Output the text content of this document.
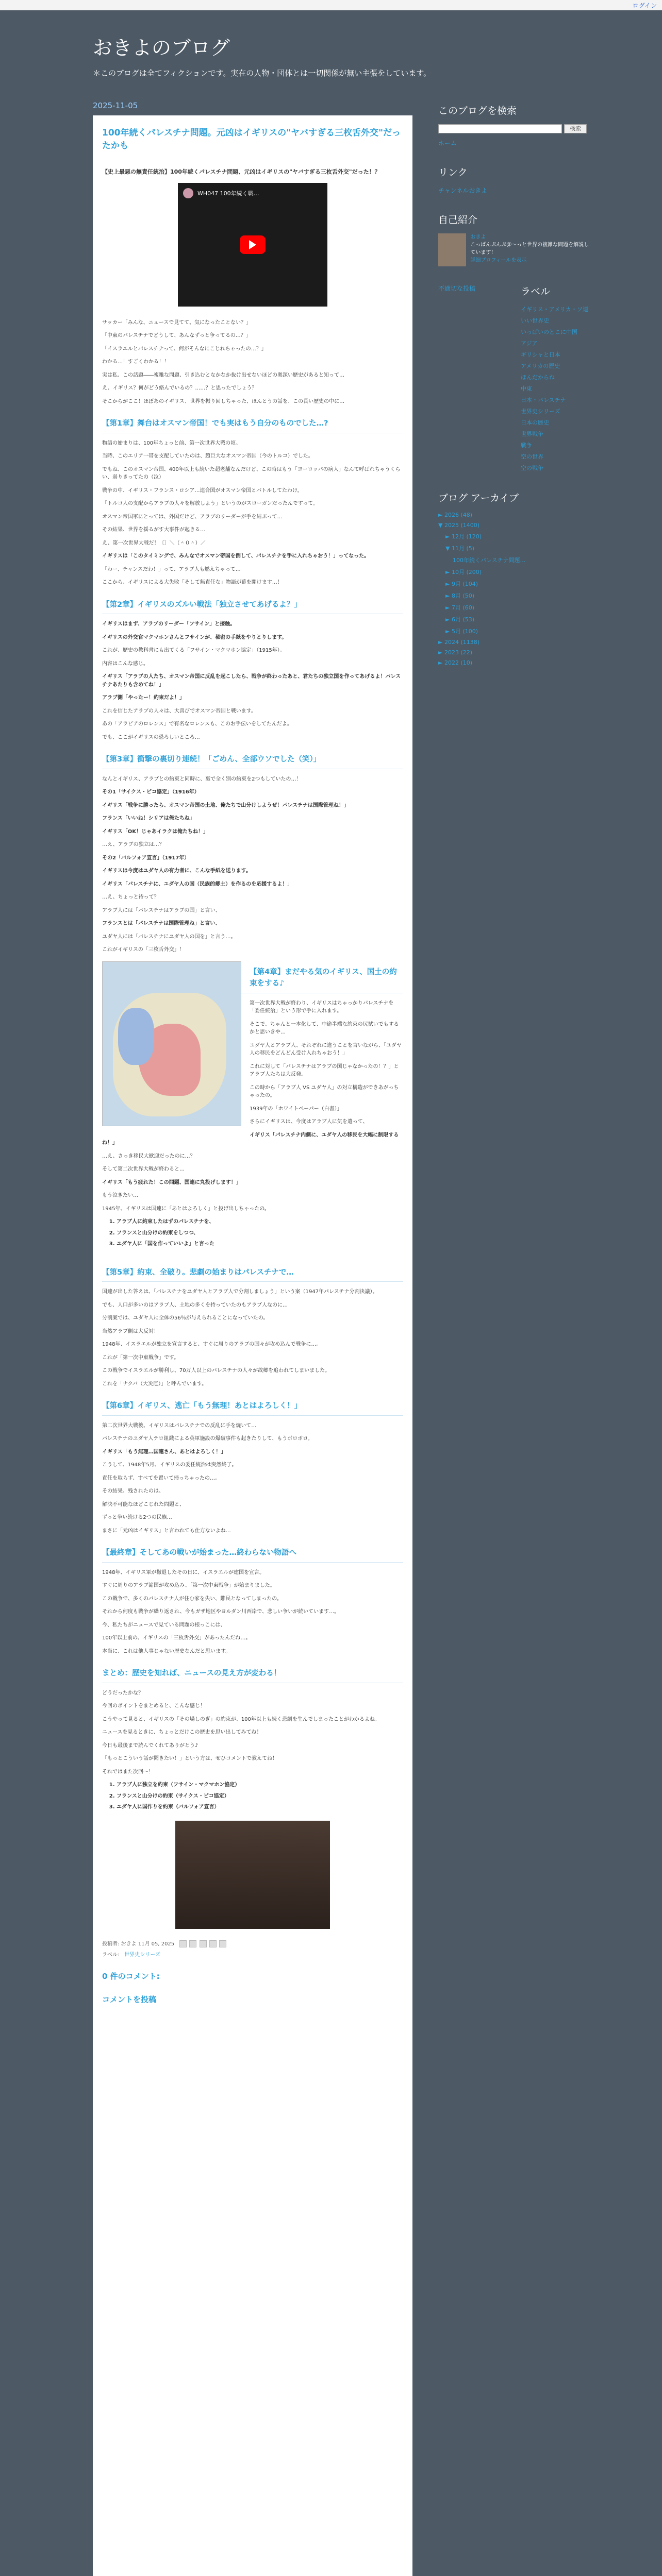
ログイン
おきよのブログ
＊このブログは全てフィクションです。実在の人物・団体とは一切関係が無い主張をしています。
2025-11-05
100年続くパレスチナ問題。元凶はイギリスの"ヤバすぎる三枚舌外交"だったかも
【史上最悪の無責任統治】100年続くパレスチナ問題、元凶はイギリスの"ヤバすぎる三枚舌外交"だった！？
WH047 100年続く戦…

サッカー「みんな、ニュースで見てて、気になったことない？」

「中東のパレスチナでどうして、あんなずっと争ってるの…？」

「イスラエルとパレスチナって、何がそんなにこじれちゃったの…？」

わかる…！すごくわかる！！

実は私、この話題――複雑な問題、引き込むとなかなか抜け出せないほどの奥深い歴史があると知って…

え、イギリス？何がどう絡んでいるの？……？と思ったでしょう？

そこからがここ！ほぼあのイギリス、世界を振り回しちゃった、ほんとうの話を、この長い歴史の中に…

【第1章】舞台はオスマン帝国！でも実はもう自分のものでした…?

物語の始まりは、100年ちょっと前、第一次世界大戦の頃。

当時、このエリア一帯を支配していたのは、超巨大なオスマン帝国（今のトルコ）でした。

でもね、このオスマン帝国、400年以上も続いた超老舗なんだけど、この時はもう「ヨーロッパの病人」なんて呼ばれちゃうくらい、弱りきってたの（泣）

戦争の中、イギリス・フランス・ロシア…連合国がオスマン帝国とバトルしてたわけ。

「トルコ人の支配からアラブの人々を解放しよう」というのがスローガンだったんですって。

オスマン帝国軍にとっては、外国だけど、アラブのリーダーが手を結ぶって…

その結果、世界を揺るがす大事件が起きる…

え、第一次世界大戦だ！〔〕＼（＾０＾）／

イギリスは「このタイミングで、みんなでオスマン帝国を倒して、パレスチナを手に入れちゃおう！」ってなった。

「わー、チャンスだわ！」って、アラブ人も燃えちゃって…

ここから、イギリスによる大失敗「そして無責任な」物語が幕を開けます…！

【第2章】イギリスのズルい戦法「独立させてあげるよ？」

イギリスはまず、アラブのリーダー「フサイン」と接触。

イギリスの外交官マクマホンさんとフサインが、秘密の手紙をやりとりします。

これが、歴史の教科書にも出てくる「フサイン・マクマホン協定」（1915年）。

内容はこんな感じ。

イギリス「アラブの人たち、オスマン帝国に反乱を起こしたら、戦争が終わったあと、君たちの独立国を作ってあげるよ！パレスチナあたりも含めてね！」

アラブ側「やったー！約束だよ！」

これを信じたアラブの人々は、大喜びでオスマン帝国と戦います。

あの「アラビアのロレンス」で有名なロレンスも、このお手伝いをしてたんだよ。

でも、ここがイギリスの恐ろしいところ…

【第3章】衝撃の裏切り連続！「ごめん、全部ウソでした（笑）」

なんとイギリス、アラブとの約束と同時に、裏で全く別の約束を2つもしていたの…！

その1「サイクス・ピコ協定」（1916年）

イギリス「戦争に勝ったら、オスマン帝国の土地、俺たちで山分けしようぜ！パレスチナは国際管理ね！」

フランス「いいね！シリアは俺たちね」

イギリス「OK！じゃあイラクは俺たちね！」

…え、アラブの独立は…？

その2「バルフォア宣言」（1917年）

イギリスは今度はユダヤ人の有力者に、こんな手紙を送ります。

イギリス「パレスチナに、ユダヤ人の国（民族的郷土）を作るのを応援するよ！」

…え、ちょっと待って？

アラブ人には「パレスチナはアラブの国」と言い、

フランスとは「パレスチナは国際管理ね」と言い、

ユダヤ人には「パレスチナにユダヤ人の国を」と言う…。

これがイギリスの「三枚舌外交」！

【第4章】まだやる気のイギリス、国土の約束をする♪

第一次世界大戦が終わり、イギリスはちゃっかりパレスチナを「委任統治」という形で手に入れます。

そこで、ちゃんと一本化して、中途半端な約束の尻拭いでもするかと思いきや…

ユダヤ人とアラブ人、それぞれに違うことを言いながら、「ユダヤ人の移民をどんどん受け入れちゃおう！」

これに対して「パレスチナはアラブの国じゃなかったの！？」とアラブ人たちは大反発。

この時から「アラブ人 VS ユダヤ人」の対立構造ができあがっちゃったの。

1939年の「ホワイトペーパー（白書）」

さらにイギリスは、今度はアラブ人に気を遣って、

イギリス「パレスチナ内側に、ユダヤ人の移民を大幅に制限するね！」

…え、さっき移民大歓迎だったのに…？

そして第二次世界大戦が終わると…

イギリス「もう疲れた！この問題、国連に丸投げします！」

もう泣きたい…

1945年、イギリスは国連に「あとはよろしく」と投げ出しちゃったの。

1. アラブ人に約束したはずのパレスチナを、
2. フランスと山分けの約束をしつつ、
3. ユダヤ人に「国を作っていいよ」と言った
【第5章】約束、全破り。悲劇の始まりはパレスチナで…

国連が出した答えは、「パレスチナをユダヤ人とアラブ人で分割しましょう」という案（1947年パレスチナ分割決議）。

でも、人口が多いのはアラブ人、土地の多くを持っていたのもアラブ人なのに…

分割案では、ユダヤ人に全体の56％が与えられることになっていたの。

当然アラブ側は大反対！

1948年、イスラエルが独立を宣言すると、すぐに周りのアラブの国々が攻め込んで戦争に…。

これが「第一次中東戦争」です。

この戦争でイスラエルが勝利し、70万人以上のパレスチナの人々が故郷を追われてしまいました。

これを「ナクバ（大災厄）」と呼んでいます。

【第6章】イギリス、逃亡「もう無理！あとはよろしく！」

第二次世界大戦後、イギリスはパレスチナでの反乱に手を焼いて…

パレスチナのユダヤ人テロ組織による英軍施設の爆破事件も起きたりして、もうボロボロ。

イギリス「もう無理…国連さん、あとはよろしく！」

こうして、1948年5月、イギリスの委任統治は突然終了。

責任を取らず、すべてを置いて帰っちゃったの…。

その結果、残されたのは、

解決不可能なほどこじれた問題と、

ずっと争い続ける2つの民族…

まさに「元凶はイギリス」と言われても仕方ないよね…

【最終章】そしてあの戦いが始まった…終わらない物語へ

1948年、イギリス軍が撤退したその日に、イスラエルが建国を宣言。

すぐに周りのアラブ諸国が攻め込み、「第一次中東戦争」が始まりました。

この戦争で、多くのパレスチナ人が住む家を失い、難民となってしまったの。

それから何度も戦争が繰り返され、今もガザ地区やヨルダン川西岸で、悲しい争いが続いています…。

今、私たちがニュースで見ている問題の根っこには、

100年以上前の、イギリスの「三枚舌外交」があったんだね…。

本当に、これは他人事じゃない歴史なんだと思います。

まとめ：歴史を知れば、ニュースの見え方が変わる！

どうだったかな？

今回のポイントをまとめると、こんな感じ！

こうやって見ると、イギリスの「その場しのぎ」の約束が、100年以上も続く悲劇を生んでしまったことがわかるよね。

ニュースを見るときに、ちょっとだけこの歴史を思い出してみてね！

今日も最後まで読んでくれてありがとう♪

「もっとこういう話が聞きたい！」という方は、ぜひコメントで教えてね！

それではまた次回〜！

1. アラブ人に独立を約束（フサイン・マクマホン協定）
2. フランスと山分けの約束（サイクス・ピコ協定）
3. ユダヤ人に国作りを約束（バルフォア宣言）
投稿者: おきよ 11月 05, 2025

ラベル: 世界史シリーズ
0 件のコメント:
コメントを投稿
このブログを検索
検索
ホーム
リンク
チャンネルおきよ
自己紹介
おきよ
こっぱんぷんぷ＠〜っと世界の複雑な問題を解説しています！
詳細プロフィールを表示
不適切な投稿	ラベル
イギリス・アメリカ・ソ連
いい世界史
いっぱいのとこに中国
アジア
ギリシャと日本
アメリカの歴史
ほんだからね
中東
日本・パレスチナ
世界史シリーズ
日本の歴史
世界戦争
戦争
空の世界
空の戦争
ブログ アーカイブ
► 2026 (48)
▼ 2025 (1400)
► 12月 (120)
▼ 11月 (5)
100年続くパレスチナ問題…
► 10月 (200)
► 9月 (104)
► 8月 (50)
► 7月 (60)
► 6月 (53)
► 5月 (100)
► 2024 (1138)
► 2023 (22)
► 2022 (10)
